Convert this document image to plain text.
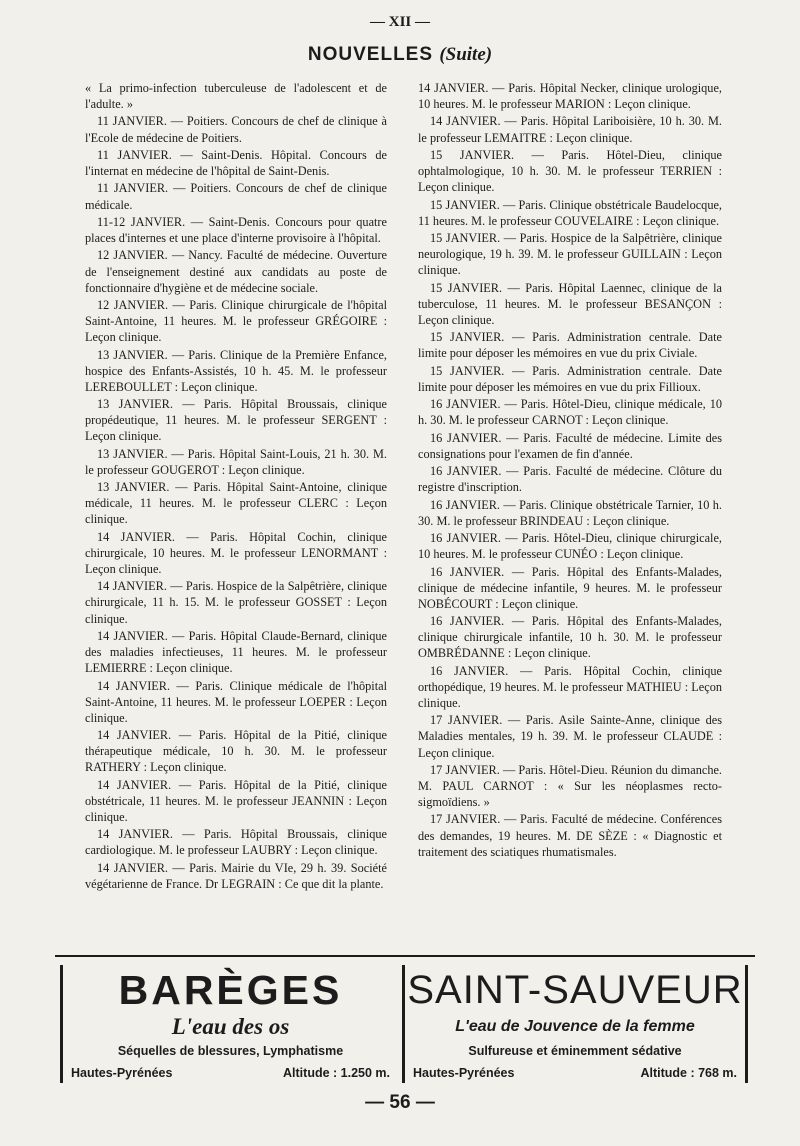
— XII —
NOUVELLES (Suite)

« La primo-infection tuberculeuse de l'adolescent et de l'adulte. »

11 JANVIER. — Poitiers. Concours de chef de clinique à l'Ecole de médecine de Poitiers.

11 JANVIER. — Saint-Denis. Hôpital. Concours de l'internat en médecine de l'hôpital de Saint-Denis.

11 JANVIER. — Poitiers. Concours de chef de clinique médicale.

11-12 JANVIER. — Saint-Denis. Concours pour quatre places d'internes et une place d'interne provisoire à l'hôpital.

12 JANVIER. — Nancy. Faculté de médecine. Ouverture de l'enseignement destiné aux candidats au poste de fonctionnaire d'hygiène et de médecine sociale.

12 JANVIER. — Paris. Clinique chirurgicale de l'hôpital Saint-Antoine, 11 heures. M. le professeur GRÉGOIRE : Leçon clinique.

13 JANVIER. — Paris. Clinique de la Première Enfance, hospice des Enfants-Assistés, 10 h. 45. M. le professeur LEREBOULLET : Leçon clinique.

13 JANVIER. — Paris. Hôpital Broussais, clinique propédeutique, 11 heures. M. le professeur SERGENT : Leçon clinique.

13 JANVIER. — Paris. Hôpital Saint-Louis, 21 h. 30. M. le professeur GOUGEROT : Leçon clinique.

13 JANVIER. — Paris. Hôpital Saint-Antoine, clinique médicale, 11 heures. M. le professeur CLERC : Leçon clinique.

14 JANVIER. — Paris. Hôpital Cochin, clinique chirurgicale, 10 heures. M. le professeur LENORMANT : Leçon clinique.

14 JANVIER. — Paris. Hospice de la Salpêtrière, clinique chirurgicale, 11 h. 15. M. le professeur GOSSET : Leçon clinique.

14 JANVIER. — Paris. Hôpital Claude-Bernard, clinique des maladies infectieuses, 11 heures. M. le professeur LEMIERRE : Leçon clinique.

14 JANVIER. — Paris. Clinique médicale de l'hôpital Saint-Antoine, 11 heures. M. le professeur LOEPER : Leçon clinique.

14 JANVIER. — Paris. Hôpital de la Pitié, clinique thérapeutique médicale, 10 h. 30. M. le professeur RATHERY : Leçon clinique.

14 JANVIER. — Paris. Hôpital de la Pitié, clinique obstétricale, 11 heures. M. le professeur JEANNIN : Leçon clinique.

14 JANVIER. — Paris. Hôpital Broussais, clinique cardiologique. M. le professeur LAUBRY : Leçon clinique.

14 JANVIER. — Paris. Mairie du VIe, 29 h. 39. Société végétarienne de France. Dr LEGRAIN : Ce que dit la plante.

14 JANVIER. — Paris. Hôpital Necker, clinique urologique, 10 heures. M. le professeur MARION : Leçon clinique.

14 JANVIER. — Paris. Hôpital Lariboisière, 10 h. 30. M. le professeur LEMAITRE : Leçon clinique.

15 JANVIER. — Paris. Hôtel-Dieu, clinique ophtalmologique, 10 h. 30. M. le professeur TERRIEN : Leçon clinique.

15 JANVIER. — Paris. Clinique obstétricale Baudelocque, 11 heures. M. le professeur COUVELAIRE : Leçon clinique.

15 JANVIER. — Paris. Hospice de la Salpêtrière, clinique neurologique, 19 h. 39. M. le professeur GUILLAIN : Leçon clinique.

15 JANVIER. — Paris. Hôpital Laennec, clinique de la tuberculose, 11 heures. M. le professeur BESANÇON : Leçon clinique.

15 JANVIER. — Paris. Administration centrale. Date limite pour déposer les mémoires en vue du prix Civiale.

15 JANVIER. — Paris. Administration centrale. Date limite pour déposer les mémoires en vue du prix Fillioux.

16 JANVIER. — Paris. Hôtel-Dieu, clinique médicale, 10 h. 30. M. le professeur CARNOT : Leçon clinique.

16 JANVIER. — Paris. Faculté de médecine. Limite des consignations pour l'examen de fin d'année.

16 JANVIER. — Paris. Faculté de médecine. Clôture du registre d'inscription.

16 JANVIER. — Paris. Clinique obstétricale Tarnier, 10 h. 30. M. le professeur BRINDEAU : Leçon clinique.

16 JANVIER. — Paris. Hôtel-Dieu, clinique chirurgicale, 10 heures. M. le professeur CUNÉO : Leçon clinique.

16 JANVIER. — Paris. Hôpital des Enfants-Malades, clinique de médecine infantile, 9 heures. M. le professeur NOBÉCOURT : Leçon clinique.

16 JANVIER. — Paris. Hôpital des Enfants-Malades, clinique chirurgicale infantile, 10 h. 30. M. le professeur OMBRÉDANNE : Leçon clinique.

16 JANVIER. — Paris. Hôpital Cochin, clinique orthopédique, 19 heures. M. le professeur MATHIEU : Leçon clinique.

17 JANVIER. — Paris. Asile Sainte-Anne, clinique des Maladies mentales, 19 h. 39. M. le professeur CLAUDE : Leçon clinique.

17 JANVIER. — Paris. Hôtel-Dieu. Réunion du dimanche. M. PAUL CARNOT : « Sur les néoplasmes recto-sigmoïdiens. »

17 JANVIER. — Paris. Faculté de médecine. Conférences des demandes, 19 heures. M. DE SÈZE : « Diagnostic et traitement des sciatiques rhumatismales.

BARÈGES
L'eau des os
Séquelles de blessures, Lymphatisme
Hautes-Pyrénées	Altitude : 1.250 m.
SAINT-SAUVEUR
L'eau de Jouvence de la femme
Sulfureuse et éminemment sédative
Hautes-Pyrénées	Altitude : 768 m.
— 56 —
